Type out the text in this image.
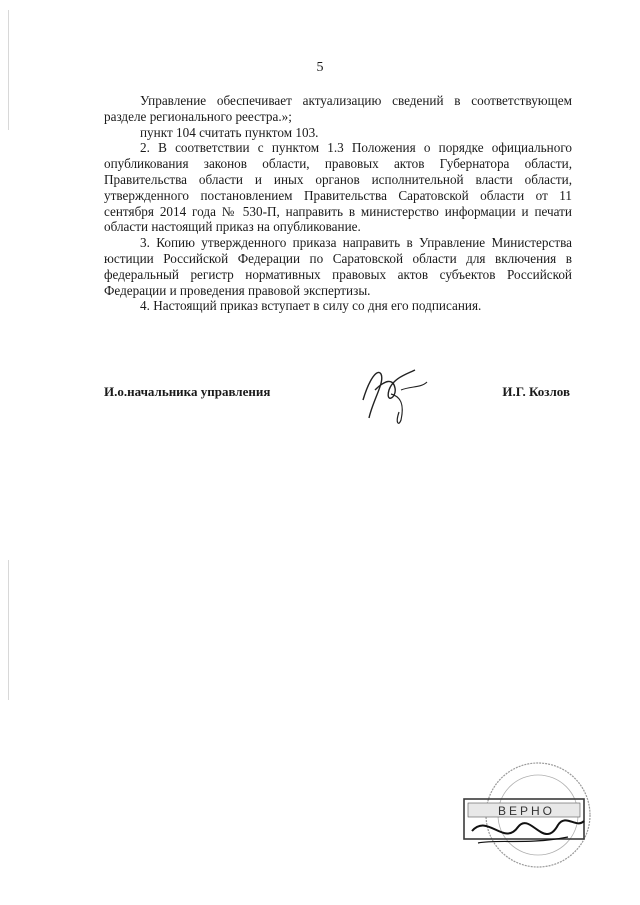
5

Управление обеспечивает актуализацию сведений в соответствующем разделе регионального реестра.»;

пункт 104 считать пунктом 103.

2. В соответствии с пунктом 1.3 Положения о порядке официального опубликования законов области, правовых актов Губернатора области, Правительства области и иных органов исполнительной власти области, утвержденного постановлением Правительства Саратовской области от 11 сентября 2014 года № 530-П, направить в министерство информации и печати области настоящий приказ на опубликование.

3. Копию утвержденного приказа направить в Управление Министерства юстиции Российской Федерации по Саратовской области для включения в федеральный регистр нормативных правовых актов субъектов Российской Федерации и проведения правовой экспертизы.

4. Настоящий приказ вступает в силу со дня его подписания.

И.о.начальника управления	И.Г. Козлов
ВЕРНО
